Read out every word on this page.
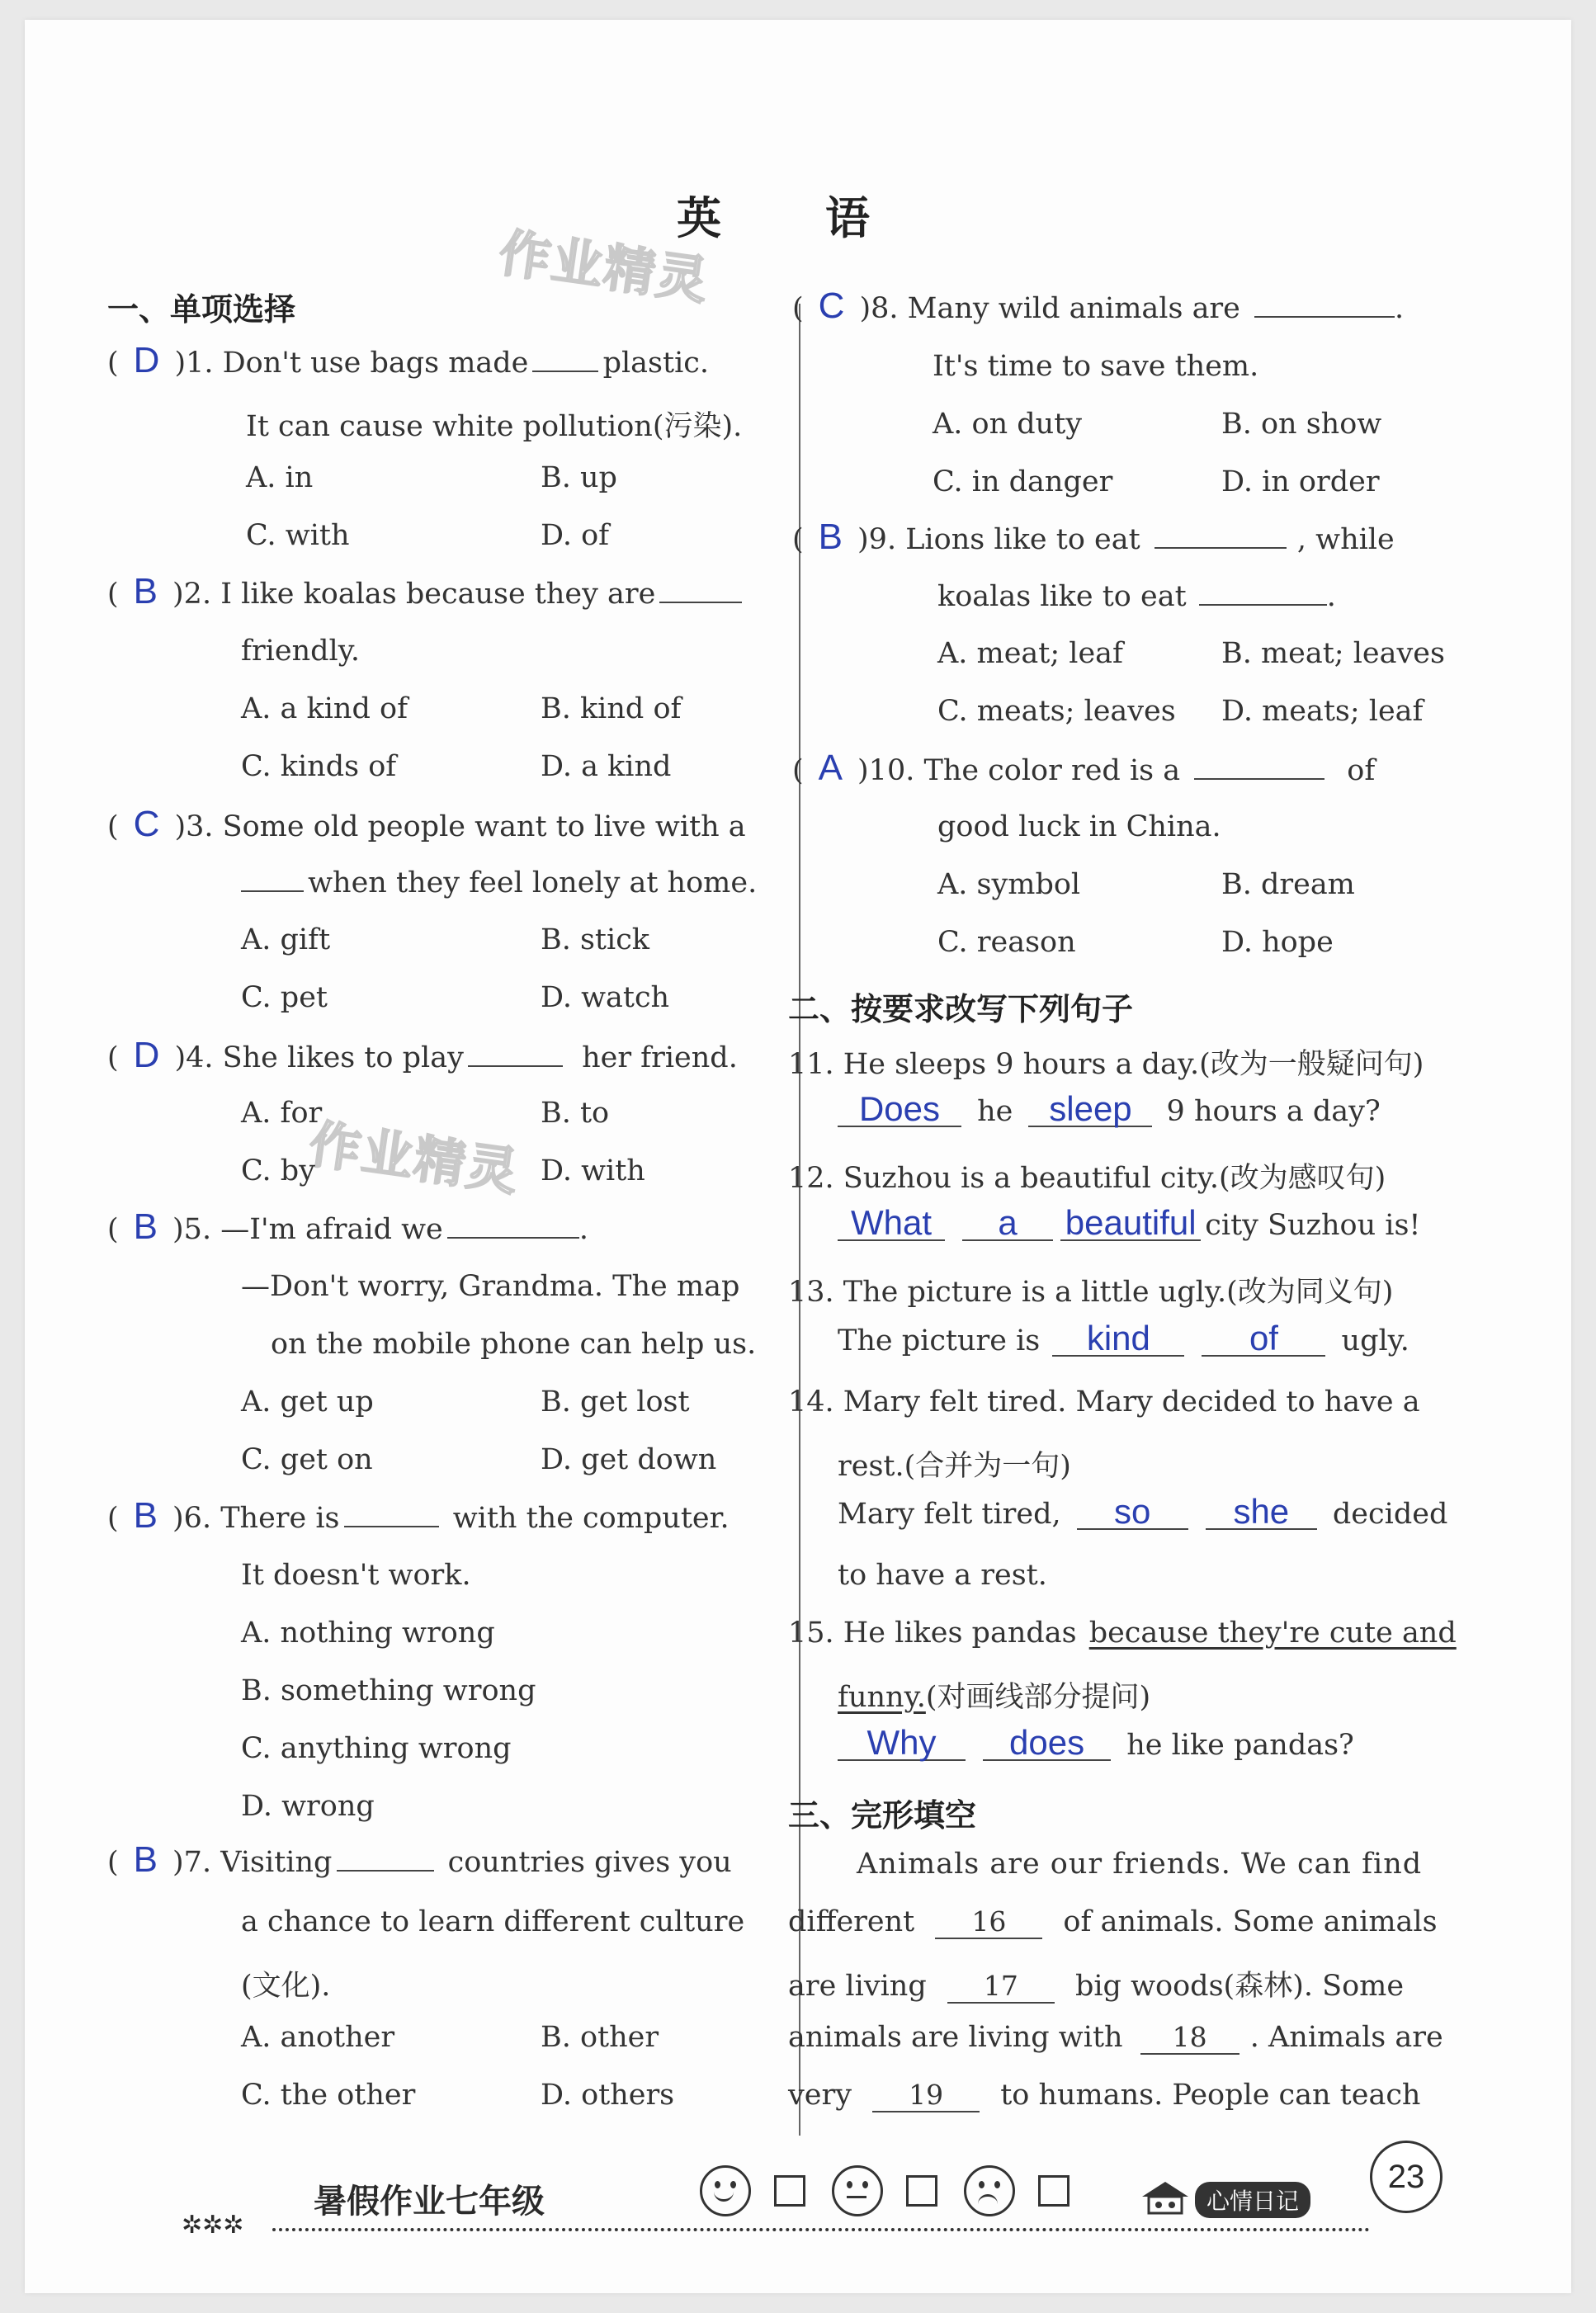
作业精灵
作业精灵
英　　语
一、单项选择
( D )1. Don't use bags made	plastic.
It can cause white pollution(污染).
A. in	B. up
C. with	D. of
( B )2. I like koalas because they are
friendly.
A. a kind of	B. kind of
C. kinds of	D. a kind
( C )3. Some old people want to live with a
when they feel lonely at home.
A. gift	B. stick
C. pet	D. watch
( D )4. She likes to play	her friend.
A. for	B. to
C. by	D. with
( B )5. —I'm afraid we	.
—Don't worry, Grandma. The map
on the mobile phone can help us.
A. get up	B. get lost
C. get on	D. get down
( B )6. There is	with the computer.
It doesn't work.
A. nothing wrong
B. something wrong
C. anything wrong
D. wrong
( B )7. Visiting	countries gives you
a chance to learn different culture
(文化).
A. another	B. other
C. the other	D. others
( C )8. Many wild animals are	.
It's time to save them.
A. on duty	B. on show
C. in danger	D. in order
( B )9. Lions like to eat	, while
koalas like to eat	.
A. meat; leaf	B. meat; leaves
C. meats; leaves D. meats; leaf
( A )10. The color red is a	of
good luck in China.
A. symbol	B. dream
C. reason	D. hope
二、按要求改写下列句子
11. He sleeps 9 hours a day.(改为一般疑问句)
Does he sleep 9 hours a day?
12. Suzhou is a beautiful city.(改为感叹句)
What a beautiful city Suzhou is!
13. The picture is a little ugly.(改为同义句)
The picture is kind	of ugly.
14. Mary felt tired. Mary decided to have a
rest.(合并为一句)
Mary felt tired, so she decided
to have a rest.
15. He likes pandas because they're cute and
funny.(对画线部分提问)
Why does he like pandas?
三、完形填空
Animals are our friends. We can find
different 16 of animals. Some animals
are living 17 big woods(森林). Some
animals are living with 18 . Animals are
very 19 to humans. People can teach
✲✲✲
暑假作业七年级	心情日记
23
